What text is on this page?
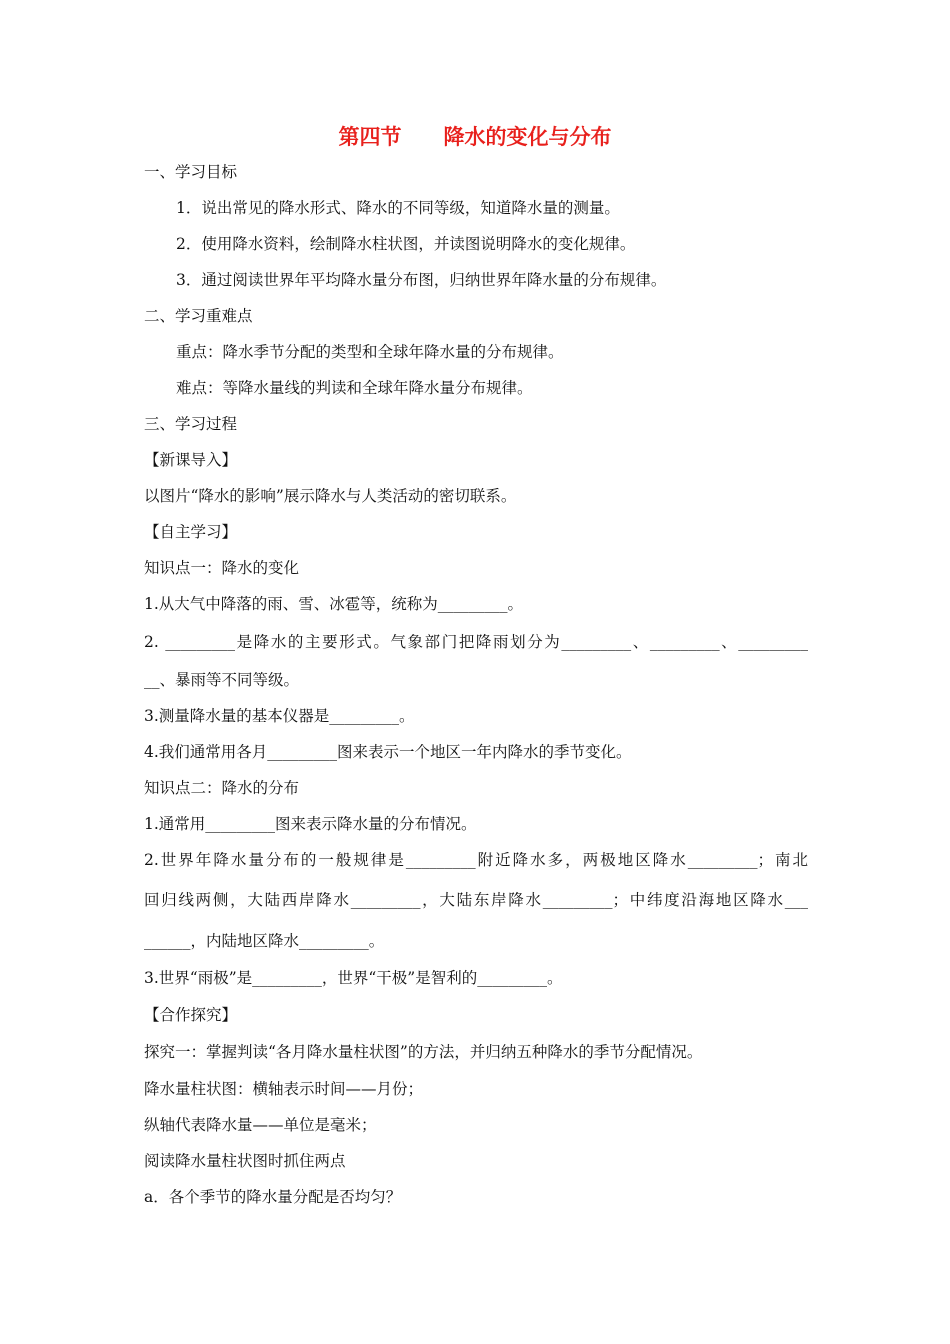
第四节　　降水的变化与分布
一、学习目标
1．说出常见的降水形式、降水的不同等级，知道降水量的测量。
2．使用降水资料，绘制降水柱状图，并读图说明降水的变化规律。
3．通过阅读世界年平均降水量分布图，归纳世界年降水量的分布规律。
二、学习重难点
重点：降水季节分配的类型和全球年降水量的分布规律。
难点：等降水量线的判读和全球年降水量分布规律。
三、学习过程
【新课导入】
以图片“降水的影响”展示降水与人类活动的密切联系。
【自主学习】
知识点一：降水的变化
1.从大气中降落的雨、雪、冰雹等，统称为_________。
2. _________是降水的主要形式。气象部门把降雨划分为_________、_________、_________
__、暴雨等不同等级。
3.测量降水量的基本仪器是_________。
4.我们通常用各月_________图来表示一个地区一年内降水的季节变化。
知识点二：降水的分布
1.通常用_________图来表示降水量的分布情况。
2.世界年降水量分布的一般规律是_________附近降水多，两极地区降水_________；南北
回归线两侧，大陆西岸降水_________，大陆东岸降水_________；中纬度沿海地区降水___
______，内陆地区降水_________。
3.世界“雨极”是_________，世界“干极”是智利的_________。
【合作探究】
探究一：掌握判读“各月降水量柱状图”的方法，并归纳五种降水的季节分配情况。
降水量柱状图：横轴表示时间——月份；
纵轴代表降水量——单位是毫米；
阅读降水量柱状图时抓住两点
a．各个季节的降水量分配是否均匀？
